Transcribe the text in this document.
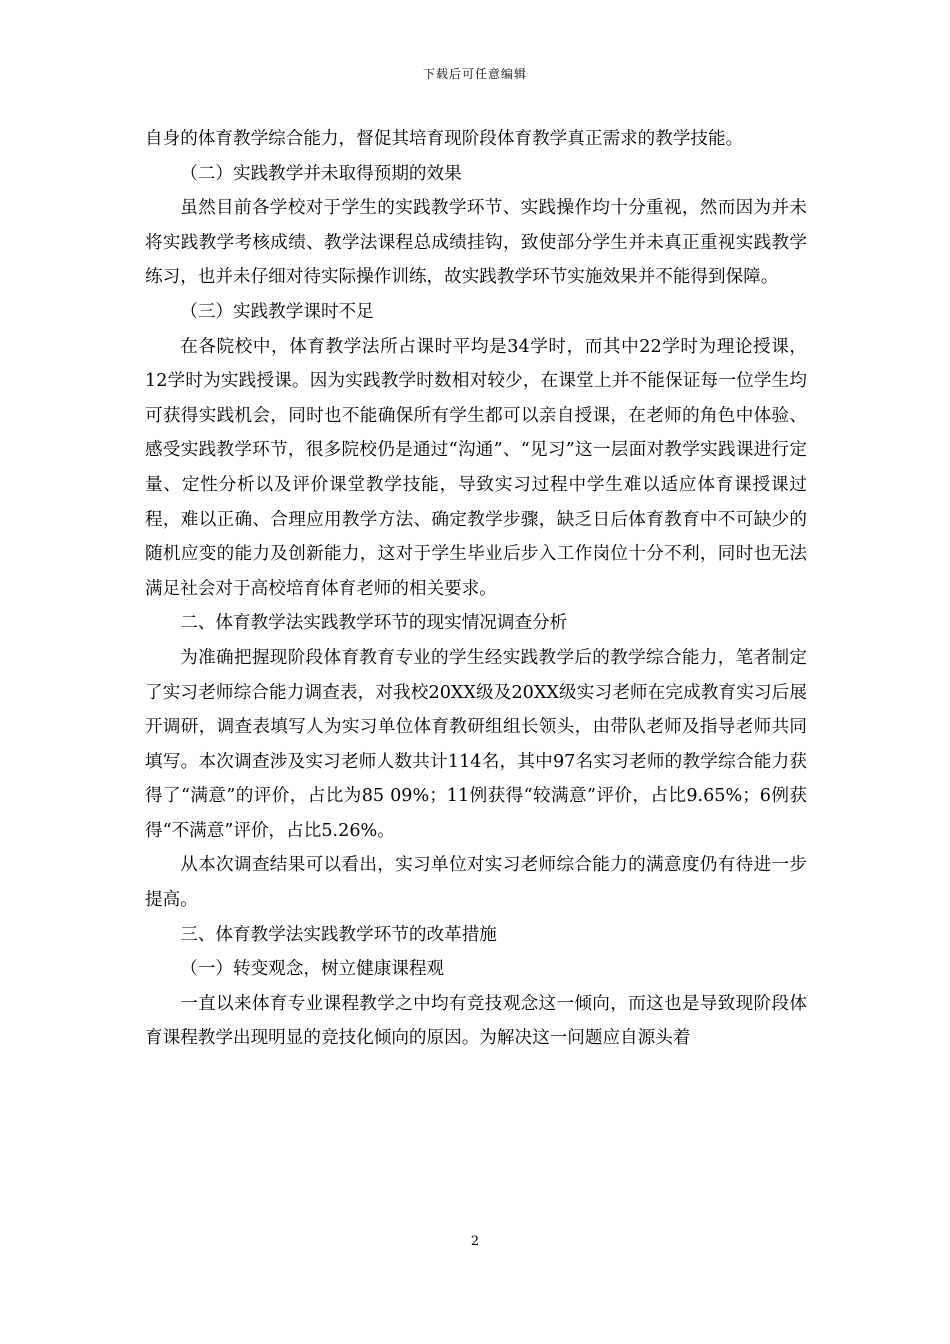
下载后可任意编辑

自身的体育教学综合能力，督促其培育现阶段体育教学真正需求的教学技能。

（二）实践教学并未取得预期的效果

虽然目前各学校对于学生的实践教学环节、实践操作均十分重视，然而因为并未将实践教学考核成绩、教学法课程总成绩挂钩，致使部分学生并未真正重视实践教学练习，也并未仔细对待实际操作训练，故实践教学环节实施效果并不能得到保障。

（三）实践教学课时不足

在各院校中，体育教学法所占课时平均是34学时，而其中22学时为理论授课，12学时为实践授课。因为实践教学时数相对较少，在课堂上并不能保证每一位学生均可获得实践机会，同时也不能确保所有学生都可以亲自授课，在老师的角色中体验、感受实践教学环节，很多院校仍是通过“沟通”、“见习”这一层面对教学实践课进行定量、定性分析以及评价课堂教学技能，导致实习过程中学生难以适应体育课授课过程，难以正确、合理应用教学方法、确定教学步骤，缺乏日后体育教育中不可缺少的随机应变的能力及创新能力，这对于学生毕业后步入工作岗位十分不利，同时也无法满足社会对于高校培育体育老师的相关要求。

二、体育教学法实践教学环节的现实情况调查分析

为准确把握现阶段体育教育专业的学生经实践教学后的教学综合能力，笔者制定了实习老师综合能力调查表，对我校20XX级及20XX级实习老师在完成教育实习后展开调研，调查表填写人为实习单位体育教研组组长领头，由带队老师及指导老师共同填写。本次调查涉及实习老师人数共计114名，其中97名实习老师的教学综合能力获得了“满意”的评价，占比为85 09%；11例获得“较满意”评价，占比9.65%；6例获得“不满意”评价，占比5.26%。

从本次调查结果可以看出，实习单位对实习老师综合能力的满意度仍有待进一步提高。

三、体育教学法实践教学环节的改革措施

（一）转变观念，树立健康课程观

一直以来体育专业课程教学之中均有竞技观念这一倾向，而这也是导致现阶段体育课程教学出现明显的竞技化倾向的原因。为解决这一问题应自源头着

2
